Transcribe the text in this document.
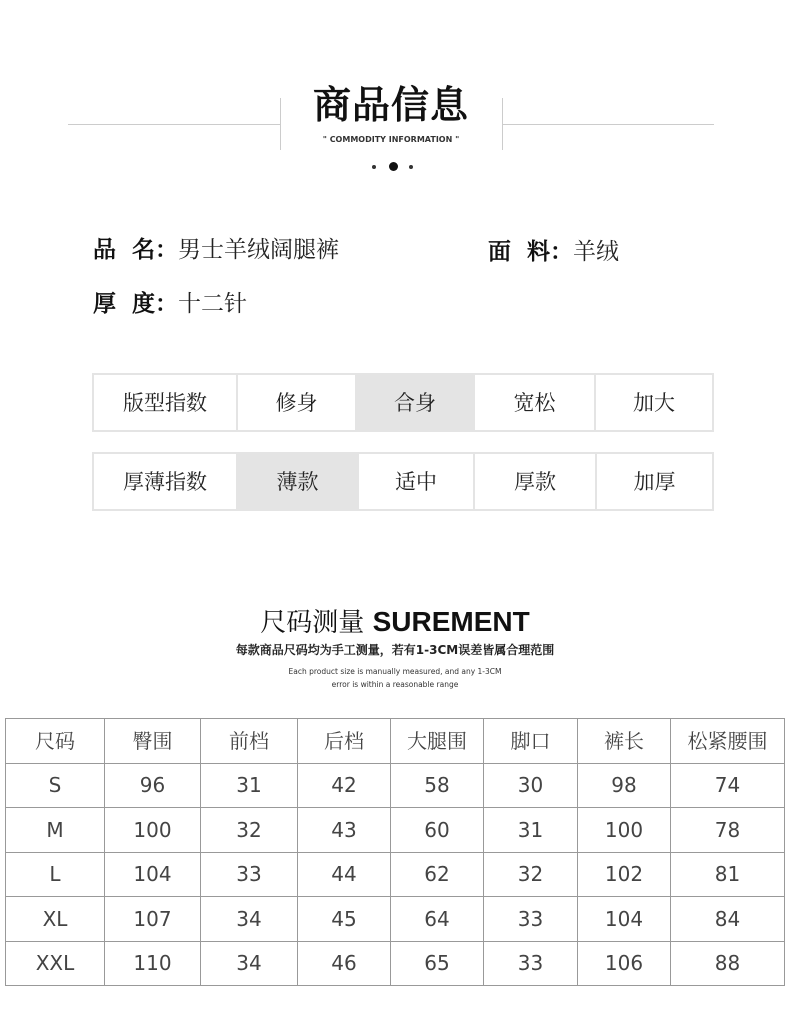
商品信息
" COMMODITY INFORMATION "
品  名：男士羊绒阔腿裤	面  料：羊绒
厚  度：十二针
版型指数	修身	合身	宽松	加大
厚薄指数	薄款	适中	厚款	加厚
尺码测量 SUREMENT
每款商品尺码均为手工测量，若有1-3CM误差皆属合理范围
Each product size is manually measured, and any 1-3CM
error is within a reasonable range
尺码	臀围	前档	后档	大腿围	脚口	裤长	松紧腰围
S	96	31	42	58	30	98	74
M	100	32	43	60	31	100	78
L	104	33	44	62	32	102	81
XL	107	34	45	64	33	104	84
XXL	110	34	46	65	33	106	88
